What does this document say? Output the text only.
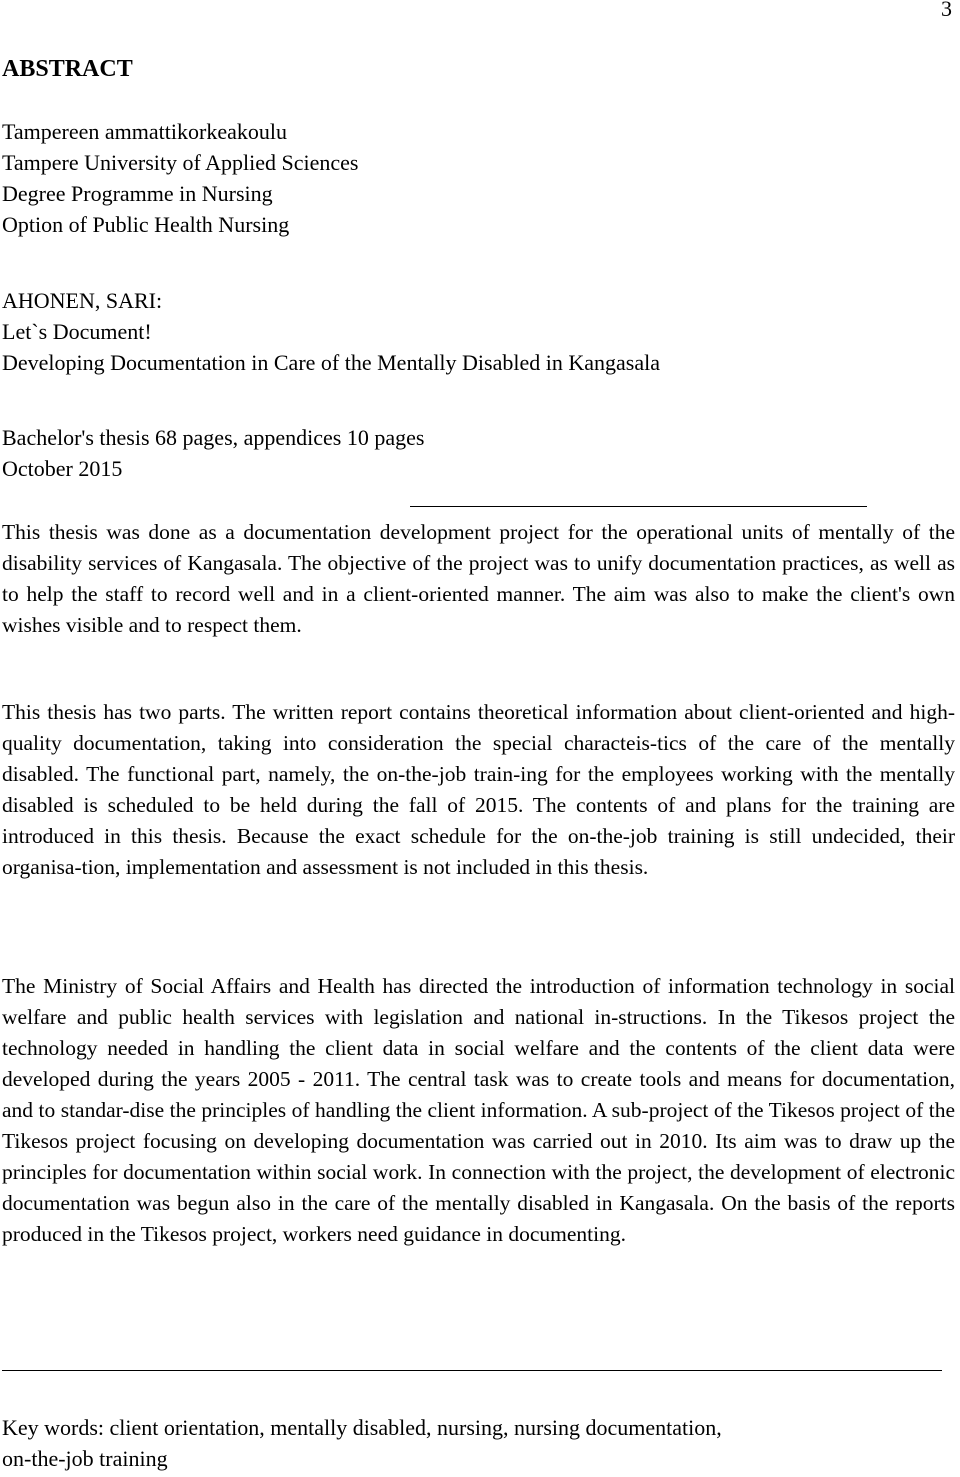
3
ABSTRACT
Tampereen ammattikorkeakoulu
Tampere University of Applied Sciences
Degree Programme in Nursing
Option of Public Health Nursing
AHONEN, SARI:
Let`s Document!
Developing Documentation in Care of the Mentally Disabled in Kangasala
Bachelor's thesis 68 pages, appendices 10 pages
October 2015

This thesis was done as a documentation development project for the operational units of mentally of the disability services of Kangasala. The objective of the project was to unify documentation practices, as well as to help the staff to record well and in a client-oriented manner. The aim was also to make the client's own wishes visible and to respect them.

This thesis has two parts. The written report contains theoretical information about client-oriented and high-quality documentation, taking into consideration the special characteis-tics of the care of the mentally disabled. The functional part, namely, the on-the-job train-ing for the employees working with the mentally disabled is scheduled to be held during the fall of 2015. The contents of and plans for the training are introduced in this thesis. Because the exact schedule for the on-the-job training is still undecided, their organisa-tion, implementation and assessment is not included in this thesis.

The Ministry of Social Affairs and Health has directed the introduction of information technology in social welfare and public health services with legislation and national in-structions. In the Tikesos project the technology needed in handling the client data in social welfare and the contents of the client data were developed during the years 2005 - 2011. The central task was to create tools and means for documentation, and to standar-dise the principles of handling the client information. A sub-project of the Tikesos project of the Tikesos project focusing on developing documentation was carried out in 2010. Its aim was to draw up the principles for documentation within social work. In connection with the project, the development of electronic documentation was begun also in the care of the mentally disabled in Kangasala. On the basis of the reports produced in the Tikesos project, workers need guidance in documenting.

Key words: client orientation, mentally disabled, nursing, nursing documentation,
on-the-job training
